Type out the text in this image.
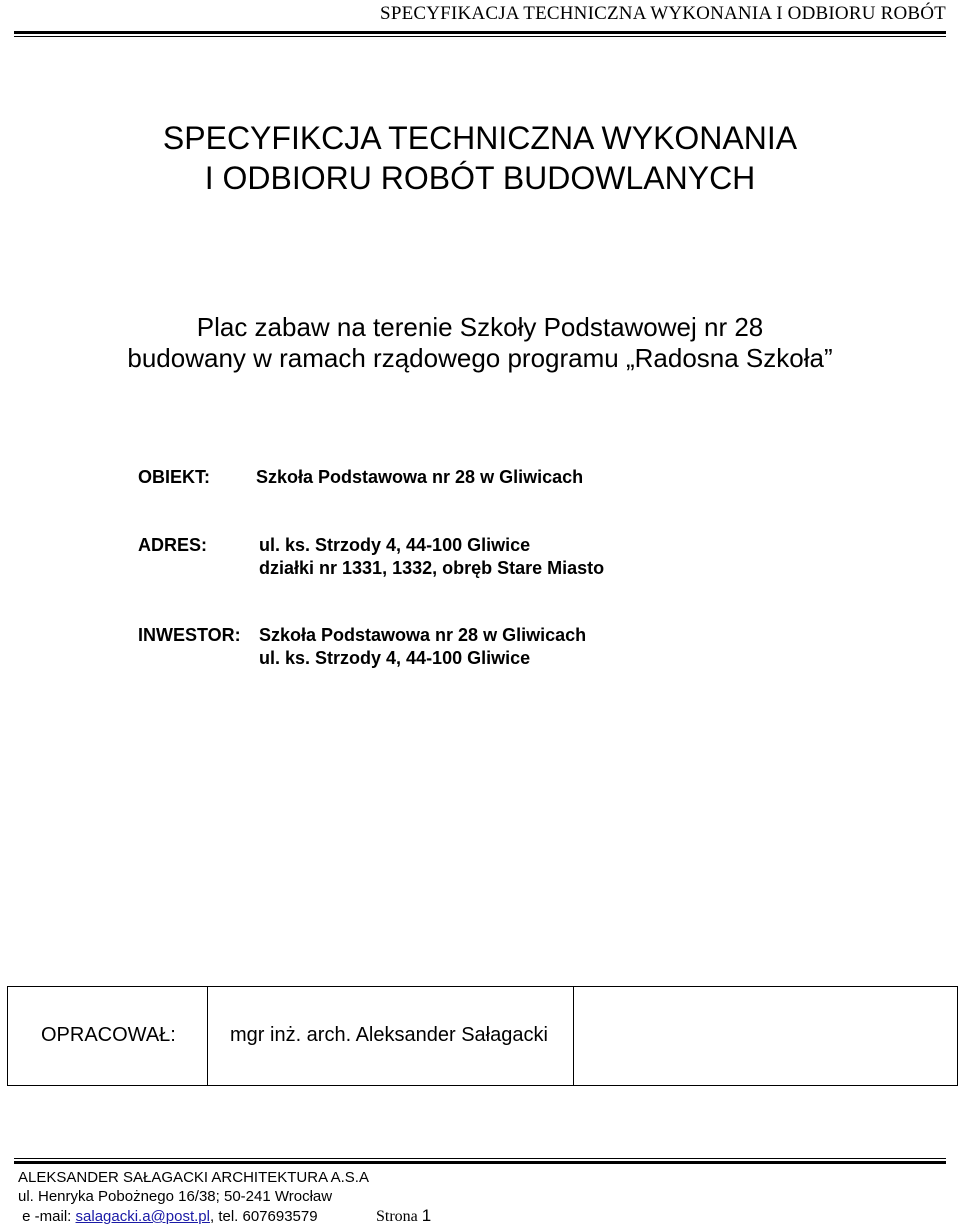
SPECYFIKACJA TECHNICZNA WYKONANIA I ODBIORU ROBÓT
SPECYFIKCJA TECHNICZNA WYKONANIA
I ODBIORU ROBÓT BUDOWLANYCH
Plac zabaw na terenie Szkoły Podstawowej nr 28
budowany w ramach rządowego programu „Radosna Szkoła”
OBIEKT:	Szkoła Podstawowa nr 28 w Gliwicach
ADRES:	ul. ks. Strzody 4, 44-100 Gliwice
działki nr 1331, 1332, obręb Stare Miasto
INWESTOR: Szkoła Podstawowa nr 28 w Gliwicach
ul. ks. Strzody 4, 44-100 Gliwice
OPRACOWAŁ:	mgr inż. arch. Aleksander Sałagacki
ALEKSANDER SAŁAGACKI ARCHITEKTURA A.S.A
ul. Henryka Pobożnego 16/38; 50-241 Wrocław
e -mail: salagacki.a@post.pl, tel. 607693579	Strona 1
